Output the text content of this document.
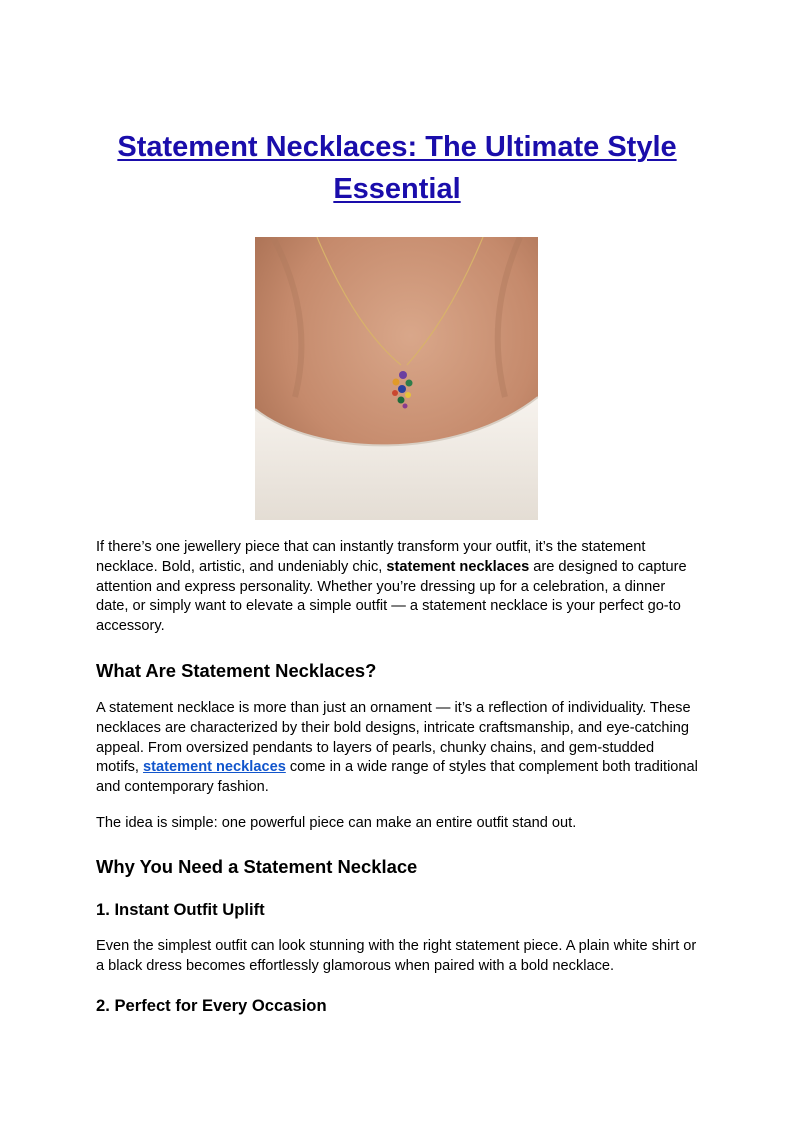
Statement Necklaces: The Ultimate Style Essential

If there’s one jewellery piece that can instantly transform your outfit, it’s the statement necklace. Bold, artistic, and undeniably chic, statement necklaces are designed to capture attention and express personality. Whether you’re dressing up for a celebration, a dinner date, or simply want to elevate a simple outfit — a statement necklace is your perfect go-to accessory.

What Are Statement Necklaces?

A statement necklace is more than just an ornament — it’s a reflection of individuality. These necklaces are characterized by their bold designs, intricate craftsmanship, and eye-catching appeal. From oversized pendants to layers of pearls, chunky chains, and gem-studded motifs, statement necklaces come in a wide range of styles that complement both traditional and contemporary fashion.

The idea is simple: one powerful piece can make an entire outfit stand out.

Why You Need a Statement Necklace
1. Instant Outfit Uplift

Even the simplest outfit can look stunning with the right statement piece. A plain white shirt or a black dress becomes effortlessly glamorous when paired with a bold necklace.

2. Perfect for Every Occasion
